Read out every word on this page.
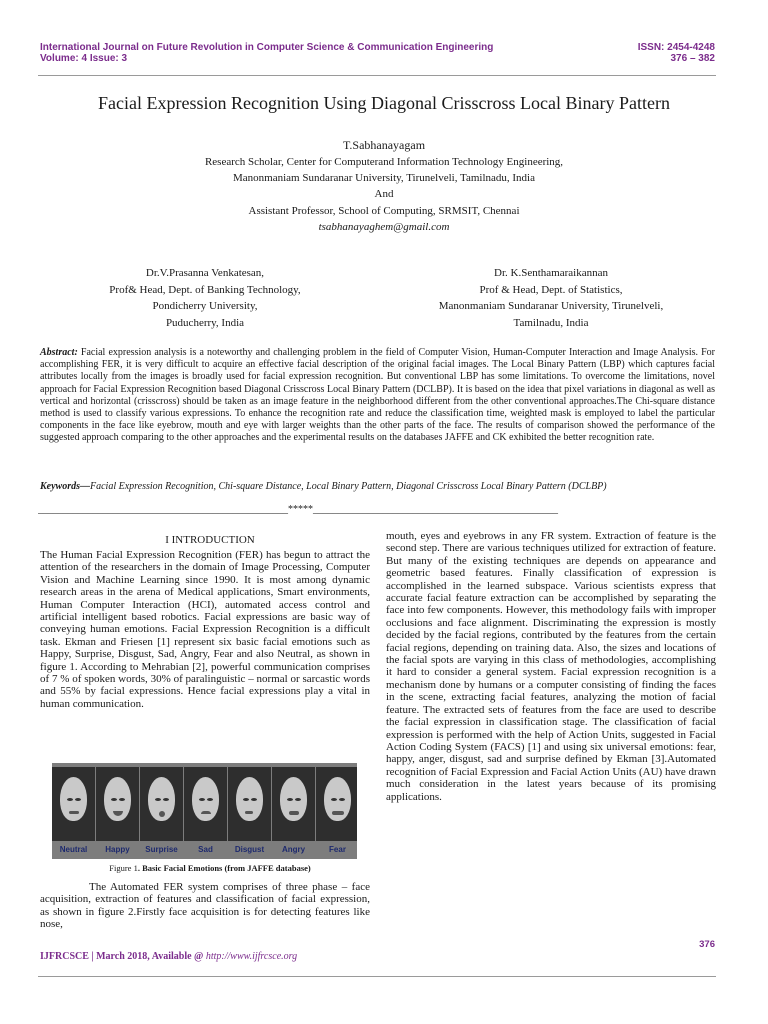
International Journal on Future Revolution in Computer Science & Communication Engineering
Volume: 4 Issue: 3
ISSN: 2454-4248
376 – 382
Facial Expression Recognition Using Diagonal Crisscross Local Binary Pattern
T.Sabhanayagam
Research Scholar, Center for Computerand Information Technology Engineering,
Manonmaniam Sundaranar University, Tirunelveli, Tamilnadu, India
And
Assistant Professor, School of Computing, SRMSIT, Chennai
tsabhanayaghem@gmail.com
Dr.V.Prasanna Venkatesan,
Prof& Head, Dept. of Banking Technology,
Pondicherry University,
Puducherry, India
Dr. K.Senthamaraikannan
Prof & Head, Dept. of Statistics,
Manonmaniam Sundaranar University, Tirunelveli,
Tamilnadu, India
Abstract: Facial expression analysis is a noteworthy and challenging problem in the field of Computer Vision, Human-Computer Interaction and Image Analysis. For accomplishing FER, it is very difficult to acquire an effective facial description of the original facial images. The Local Binary Pattern (LBP) which captures facial attributes locally from the images is broadly used for facial expression recognition. But conventional LBP has some limitations. To overcome the limitations, novel approach for Facial Expression Recognition based Diagonal Crisscross Local Binary Pattern (DCLBP). It is based on the idea that pixel variations in diagonal as well as vertical and horizontal (crisscross) should be taken as an image feature in the neighborhood different from the other conventional approaches.The Chi-square distance method is used to classify various expressions. To enhance the recognition rate and reduce the classification time, weighted mask is employed to label the particular components in the face like eyebrow, mouth and eye with larger weights than the other parts of the face. The results of comparison showed the performance of the suggested approach comparing to the other approaches and the experimental results on the databases JAFFE and CK exhibited the better recognition rate.
Keywords—Facial Expression Recognition, Chi-square Distance, Local Binary Pattern, Diagonal Crisscross Local Binary Pattern (DCLBP)
__________________________________________________*****_________________________________________________
I INTRODUCTION
The Human Facial Expression Recognition (FER) has begun to attract the attention of the researchers in the domain of Image Processing, Computer Vision and Machine Learning since 1990. It is most among dynamic research areas in the arena of Medical applications, Smart environments, Human Computer Interaction (HCI), automated access control and artificial intelligent based robotics. Facial expressions are basic way of conveying human emotions. Facial Expression Recognition is a difficult task. Ekman and Friesen [1] represent six basic facial emotions such as Happy, Surprise, Disgust, Sad, Angry, Fear and also Neutral, as shown in figure 1. According to Mehrabian [2], powerful communication comprises of 7 % of spoken words, 30% of paralinguistic – normal or sarcastic words and 55% by facial expressions. Hence facial expressions play a vital in human communication.
Neutral	Happy	Surprise	Sad	Disgust	Angry	Fear
Figure 1. Basic Facial Emotions (from JAFFE database)
The Automated FER system comprises of three phase – face acquisition, extraction of features and classification of facial expression, as shown in figure 2.Firstly face acquisition is for detecting features like nose,
mouth, eyes and eyebrows in any FR system. Extraction of feature is the second step. There are various techniques utilized for extraction of feature. But many of the existing techniques are depends on appearance and geometric based features. Finally classification of expression is accomplished in the learned subspace. Various scientists express that accurate facial feature extraction can be accomplished by separating the face into few components. However, this methodology fails with improper occlusions and face alignment. Discriminating the expression is mostly decided by the facial regions, contributed by the features from the certain facial regions, depending on training data. Also, the sizes and locations of the facial spots are varying in this class of methodologies, accomplishing it hard to consider a general system. Facial expression recognition is a mechanism done by humans or a computer consisting of finding the faces in the scene, extracting facial features, analyzing the motion of facial feature. The extracted sets of features from the face are used to describe the facial expression in classification stage. The classification of facial expression is performed with the help of Action Units, suggested in Facial Action Coding System (FACS) [1] and using six universal emotions: fear, happy, anger, disgust, sad and surprise defined by Ekman [3].Automated recognition of Facial Expression and Facial Action Units (AU) have drawn much consideration in the latest years because of its promising applications.
376
IJFRCSCE | March 2018, Available @ http://www.ijfrcsce.org
